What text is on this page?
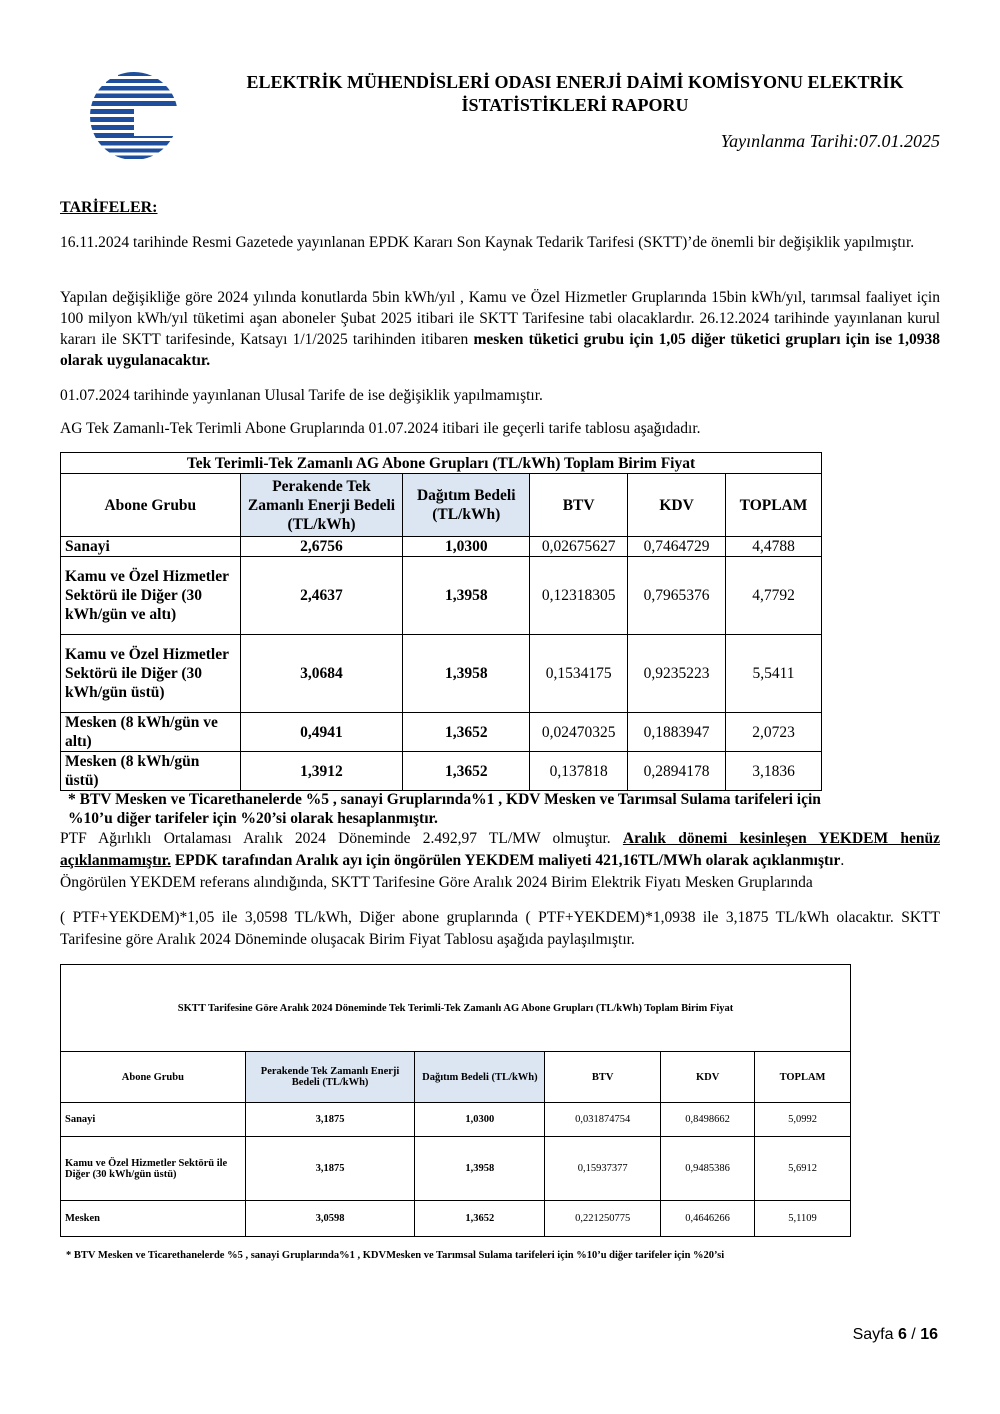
ELEKTRİK MÜHENDİSLERİ ODASI ENERJİ DAİMİ KOMİSYONU ELEKTRİK
İSTATİSTİKLERİ RAPORU
Yayınlanma Tarihi:07.01.2025
TARİFELER:

16.11.2024 tarihinde Resmi Gazetede yayınlanan EPDK Kararı Son Kaynak Tedarik Tarifesi (SKTT)’de önemli bir değişiklik yapılmıştır.

Yapılan değişikliğe göre 2024 yılında konutlarda 5bin kWh/yıl , Kamu ve Özel Hizmetler Gruplarında 15bin kWh/yıl, tarımsal faaliyet için 100 milyon kWh/yıl tüketimi aşan aboneler Şubat 2025 itibari ile SKTT Tarifesine tabi olacaklardır. 26.12.2024 tarihinde yayınlanan kurul kararı ile SKTT tarifesinde, Katsayı 1/1/2025 tarihinden itibaren mesken tüketici grubu için 1,05 diğer tüketici grupları için ise 1,0938 olarak uygulanacaktır.

01.07.2024 tarihinde yayınlanan Ulusal Tarife de ise değişiklik yapılmamıştır.

AG Tek Zamanlı-Tek Terimli Abone Gruplarında 01.07.2024 itibari ile geçerli tarife tablosu aşağıdadır.

Tek Terimli-Tek Zamanlı AG Abone Grupları (TL/kWh) Toplam Birim Fiyat					
Abone Grubu	Perakende Tek Zamanlı Enerji Bedeli (TL/kWh)	Dağıtım Bedeli (TL/kWh)	BTV	KDV	TOPLAM
Sanayi	2,6756	1,0300	0,02675627	0,7464729	4,4788
Kamu ve Özel Hizmetler Sektörü ile Diğer (30 kWh/gün ve altı)	2,4637	1,3958	0,12318305	0,7965376	4,7792
Kamu ve Özel Hizmetler Sektörü ile Diğer (30 kWh/gün üstü)	3,0684	1,3958	0,1534175	0,9235223	5,5411
Mesken (8 kWh/gün ve altı)	0,4941	1,3652	0,02470325	0,1883947	2,0723
Mesken (8 kWh/gün üstü)	1,3912	1,3652	0,137818	0,2894178	3,1836

* BTV Mesken ve Ticarethanelerde %5 , sanayi Gruplarında%1 , KDV Mesken ve Tarımsal Sulama tarifeleri için %10’u diğer tarifeler için %20’si olarak hesaplanmıştır.

PTF Ağırlıklı Ortalaması Aralık 2024 Döneminde 2.492,97 TL/MW olmuştur. Aralık dönemi kesinleşen YEKDEM henüz açıklanmamıştır. EPDK tarafından Aralık ayı için öngörülen YEKDEM maliyeti 421,16TL/MWh olarak açıklanmıştır.
Öngörülen YEKDEM referans alındığında, SKTT Tarifesine Göre Aralık 2024 Birim Elektrik Fiyatı Mesken Gruplarında

( PTF+YEKDEM)*1,05 ile 3,0598 TL/kWh, Diğer abone gruplarında ( PTF+YEKDEM)*1,0938 ile 3,1875 TL/kWh olacaktır. SKTT Tarifesine göre Aralık 2024 Döneminde oluşacak Birim Fiyat Tablosu aşağıda paylaşılmıştır.

SKTT Tarifesine Göre Aralık 2024 Döneminde Tek Terimli-Tek Zamanlı AG Abone Grupları (TL/kWh) Toplam Birim Fiyat					
Abone Grubu	Perakende Tek Zamanlı Enerji Bedeli (TL/kWh)	Dağıtım Bedeli (TL/kWh)	BTV	KDV	TOPLAM
Sanayi	3,1875	1,0300	0,031874754	0,8498662	5,0992
Kamu ve Özel Hizmetler Sektörü ile Diğer (30 kWh/gün üstü)	3,1875	1,3958	0,15937377	0,9485386	5,6912
Mesken	3,0598	1,3652	0,221250775	0,4646266	5,1109
* BTV Mesken ve Ticarethanelerde %5 , sanayi Gruplarında%1 , KDVMesken ve Tarımsal Sulama tarifeleri için %10’u diğer tarifeler için %20’si
Sayfa 6 / 16
